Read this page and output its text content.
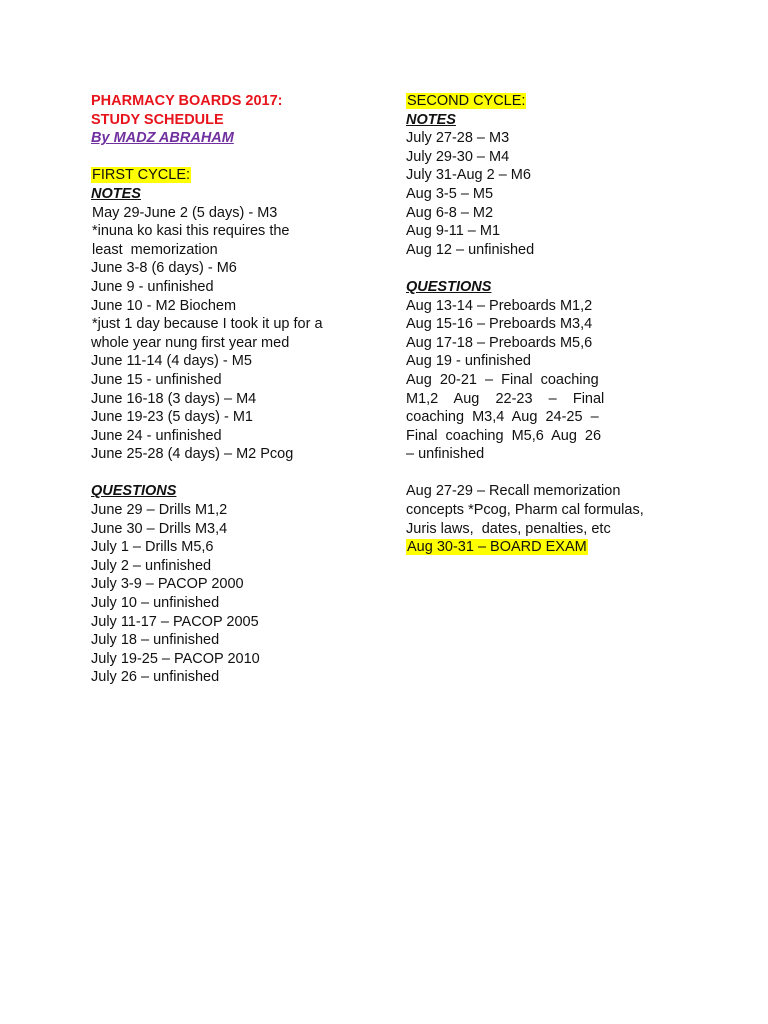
PHARMACY BOARDS 2017:
STUDY SCHEDULE
By MADZ ABRAHAM
FIRST CYCLE:
NOTES
May 29-June 2 (5 days) - M3
*inuna ko kasi this requires the
least  memorization
June 3-8 (6 days) - M6
June 9 - unfinished
June 10 - M2 Biochem
*just 1 day because I took it up for a
whole year nung first year med
June 11-14 (4 days) - M5
June 15 - unfinished
June 16-18 (3 days) – M4
June 19-23 (5 days) - M1
June 24 - unfinished
June 25-28 (4 days) – M2 Pcog
QUESTIONS
June 29 – Drills M1,2
June 30 – Drills M3,4
July 1 – Drills M5,6
July 2 – unfinished
July 3-9 – PACOP 2000
July 10 – unfinished
July 11-17 – PACOP 2005
July 18 – unfinished
July 19-25 – PACOP 2010
July 26 – unfinished
SECOND CYCLE:
NOTES
July 27-28 – M3
July 29-30 – M4
July 31-Aug 2 – M6
Aug 3-5 – M5
Aug 6-8 – M2
Aug 9-11 – M1
Aug 12 – unfinished
QUESTIONS
Aug 13-14 – Preboards M1,2
Aug 15-16 – Preboards M3,4
Aug 17-18 – Preboards M5,6
Aug 19 - unfinished
Aug  20-21  –  Final  coaching
M1,2    Aug    22-23    –    Final
coaching  M3,4  Aug  24-25  –
Final  coaching  M5,6  Aug  26
– unfinished
Aug 27-29 – Recall memorization
concepts *Pcog, Pharm cal formulas,
Juris laws,  dates, penalties, etc
Aug 30-31 – BOARD EXAM
